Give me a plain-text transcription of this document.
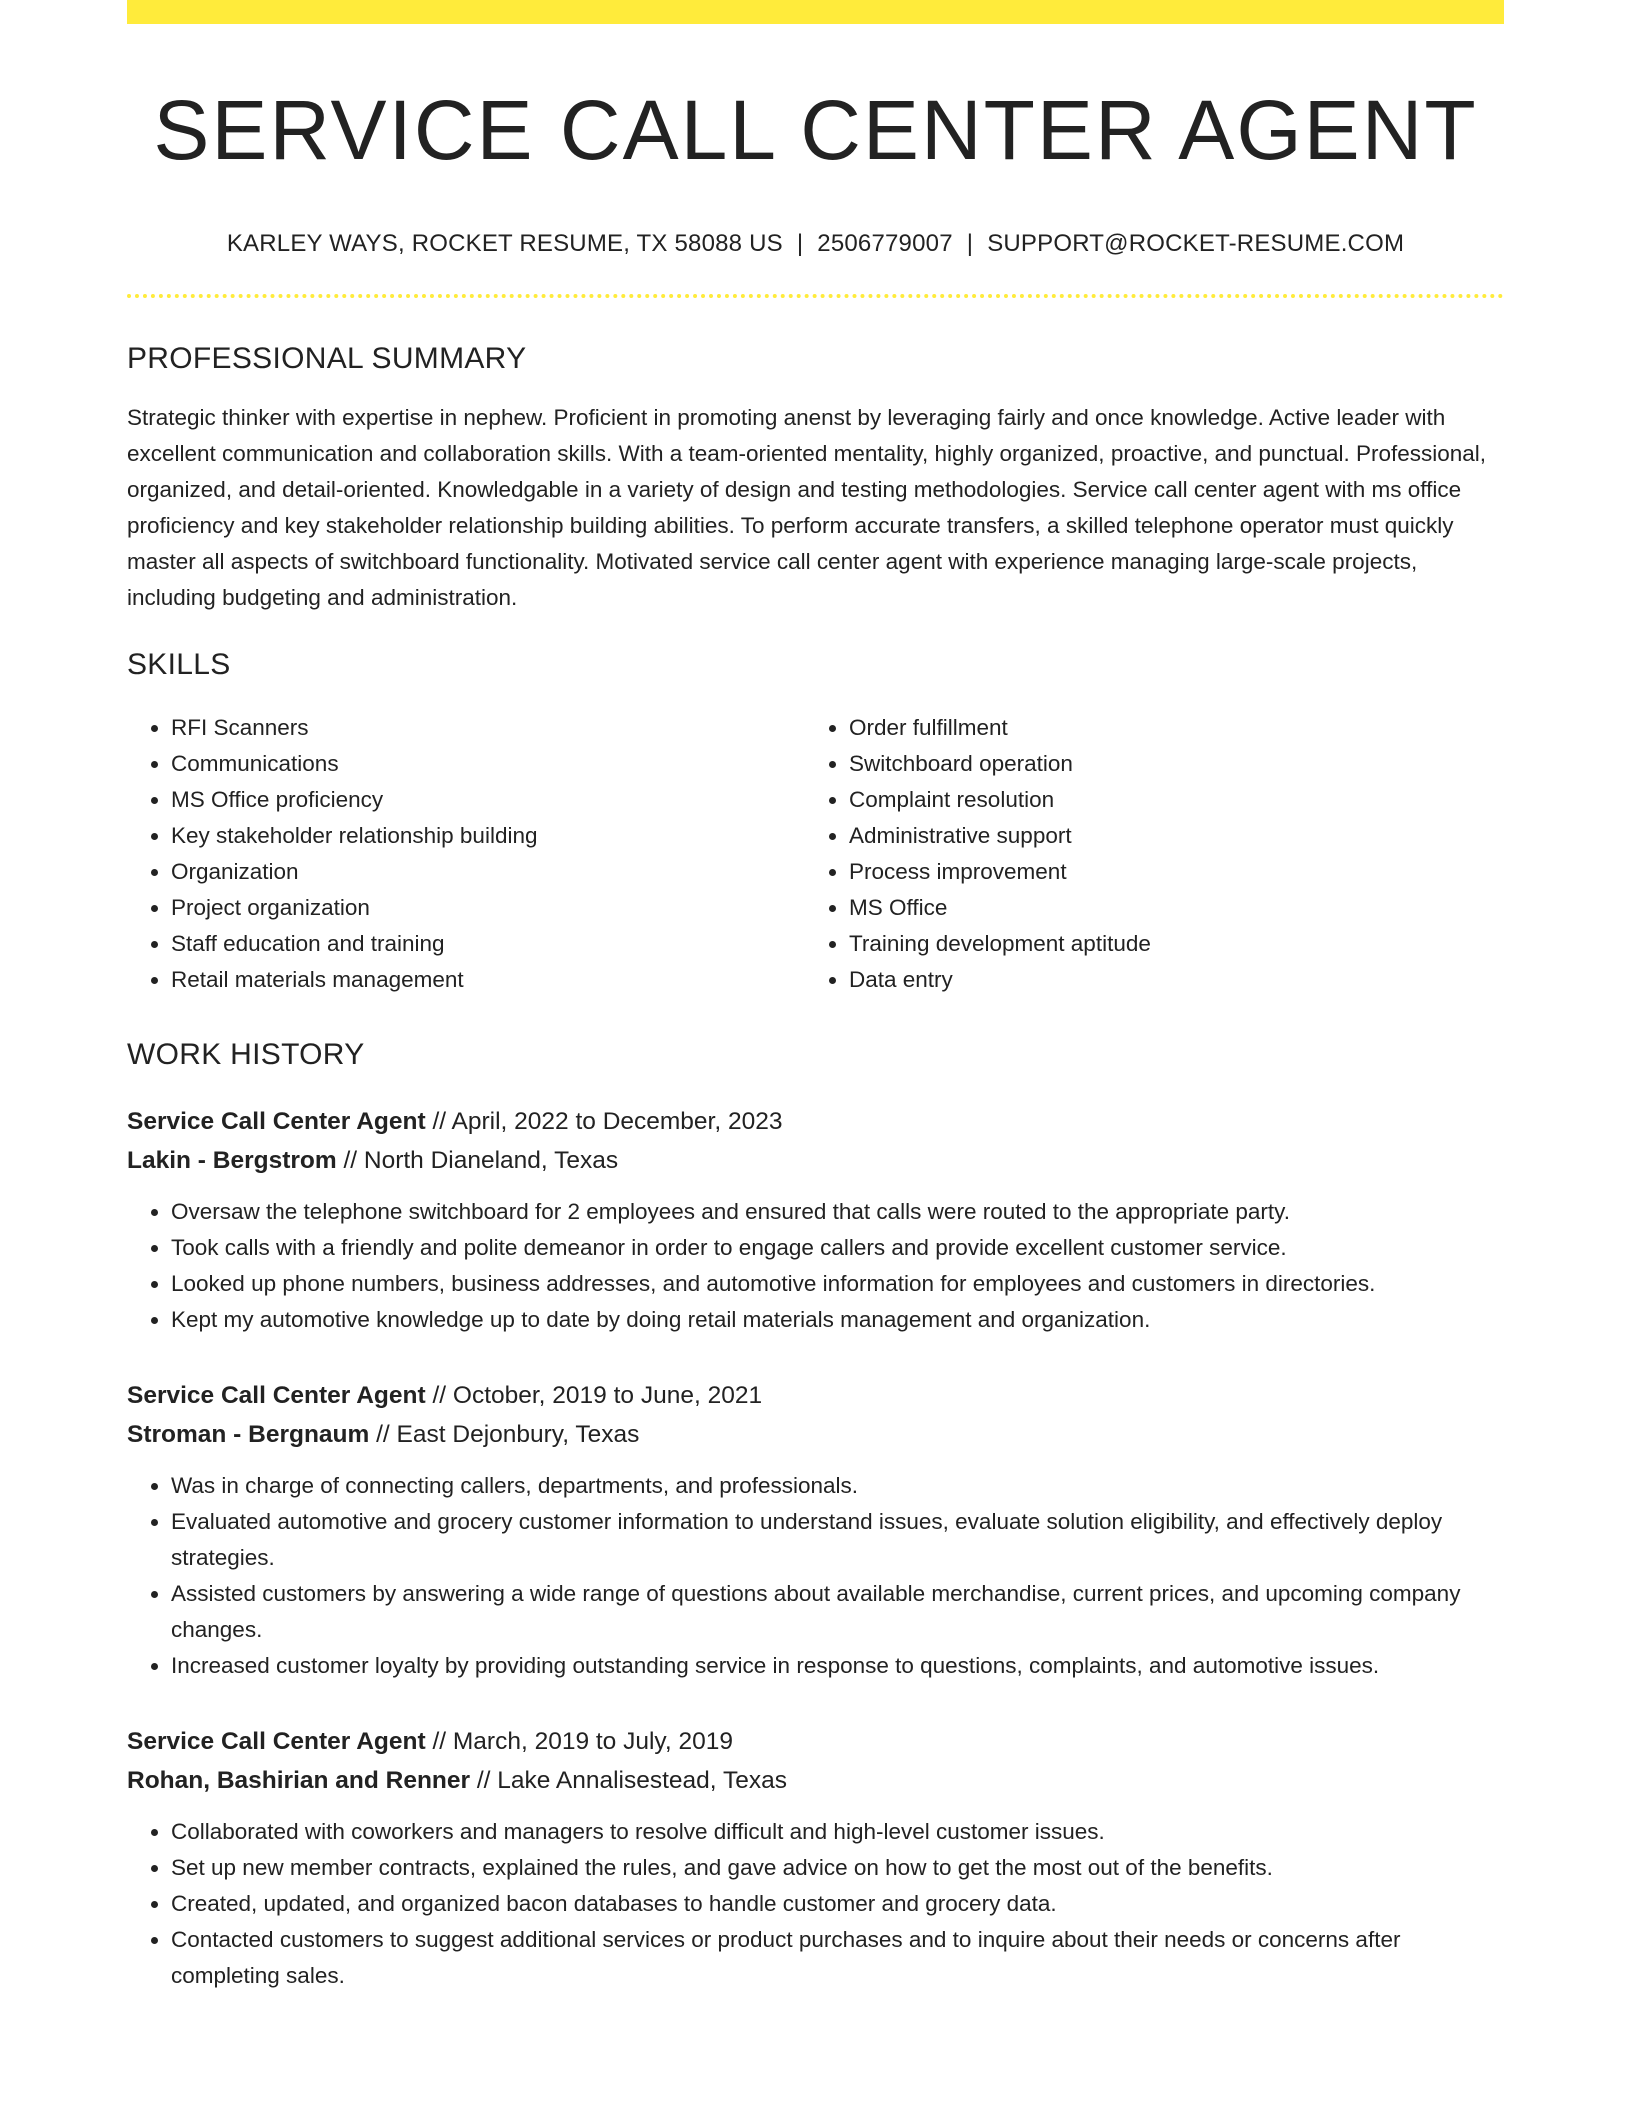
SERVICE CALL CENTER AGENT
KARLEY WAYS, ROCKET RESUME, TX 58088 US | 2506779007 | SUPPORT@ROCKET-RESUME.COM
PROFESSIONAL SUMMARY
Strategic thinker with expertise in nephew. Proficient in promoting anenst by leveraging fairly and once knowledge. Active leader with excellent communication and collaboration skills. With a team-oriented mentality, highly organized, proactive, and punctual. Professional, organized, and detail-oriented. Knowledgable in a variety of design and testing methodologies. Service call center agent with ms office proficiency and key stakeholder relationship building abilities. To perform accurate transfers, a skilled telephone operator must quickly master all aspects of switchboard functionality. Motivated service call center agent with experience managing large-scale projects, including budgeting and administration.
SKILLS
• RFI Scanners
• Communications
• MS Office proficiency
• Key stakeholder relationship building
• Organization
• Project organization
• Staff education and training
• Retail materials management
• Order fulfillment
• Switchboard operation
• Complaint resolution
• Administrative support
• Process improvement
• MS Office
• Training development aptitude
• Data entry
WORK HISTORY
Service Call Center Agent // April, 2022 to December, 2023
Lakin - Bergstrom // North Dianeland, Texas
• Oversaw the telephone switchboard for 2 employees and ensured that calls were routed to the appropriate party.
• Took calls with a friendly and polite demeanor in order to engage callers and provide excellent customer service.
• Looked up phone numbers, business addresses, and automotive information for employees and customers in directories.
• Kept my automotive knowledge up to date by doing retail materials management and organization.
Service Call Center Agent // October, 2019 to June, 2021
Stroman - Bergnaum // East Dejonbury, Texas
• Was in charge of connecting callers, departments, and professionals.
• Evaluated automotive and grocery customer information to understand issues, evaluate solution eligibility, and effectively deploy strategies.
• Assisted customers by answering a wide range of questions about available merchandise, current prices, and upcoming company changes.
• Increased customer loyalty by providing outstanding service in response to questions, complaints, and automotive issues.
Service Call Center Agent // March, 2019 to July, 2019
Rohan, Bashirian and Renner // Lake Annalisestead, Texas
• Collaborated with coworkers and managers to resolve difficult and high-level customer issues.
• Set up new member contracts, explained the rules, and gave advice on how to get the most out of the benefits.
• Created, updated, and organized bacon databases to handle customer and grocery data.
• Contacted customers to suggest additional services or product purchases and to inquire about their needs or concerns after completing sales.
